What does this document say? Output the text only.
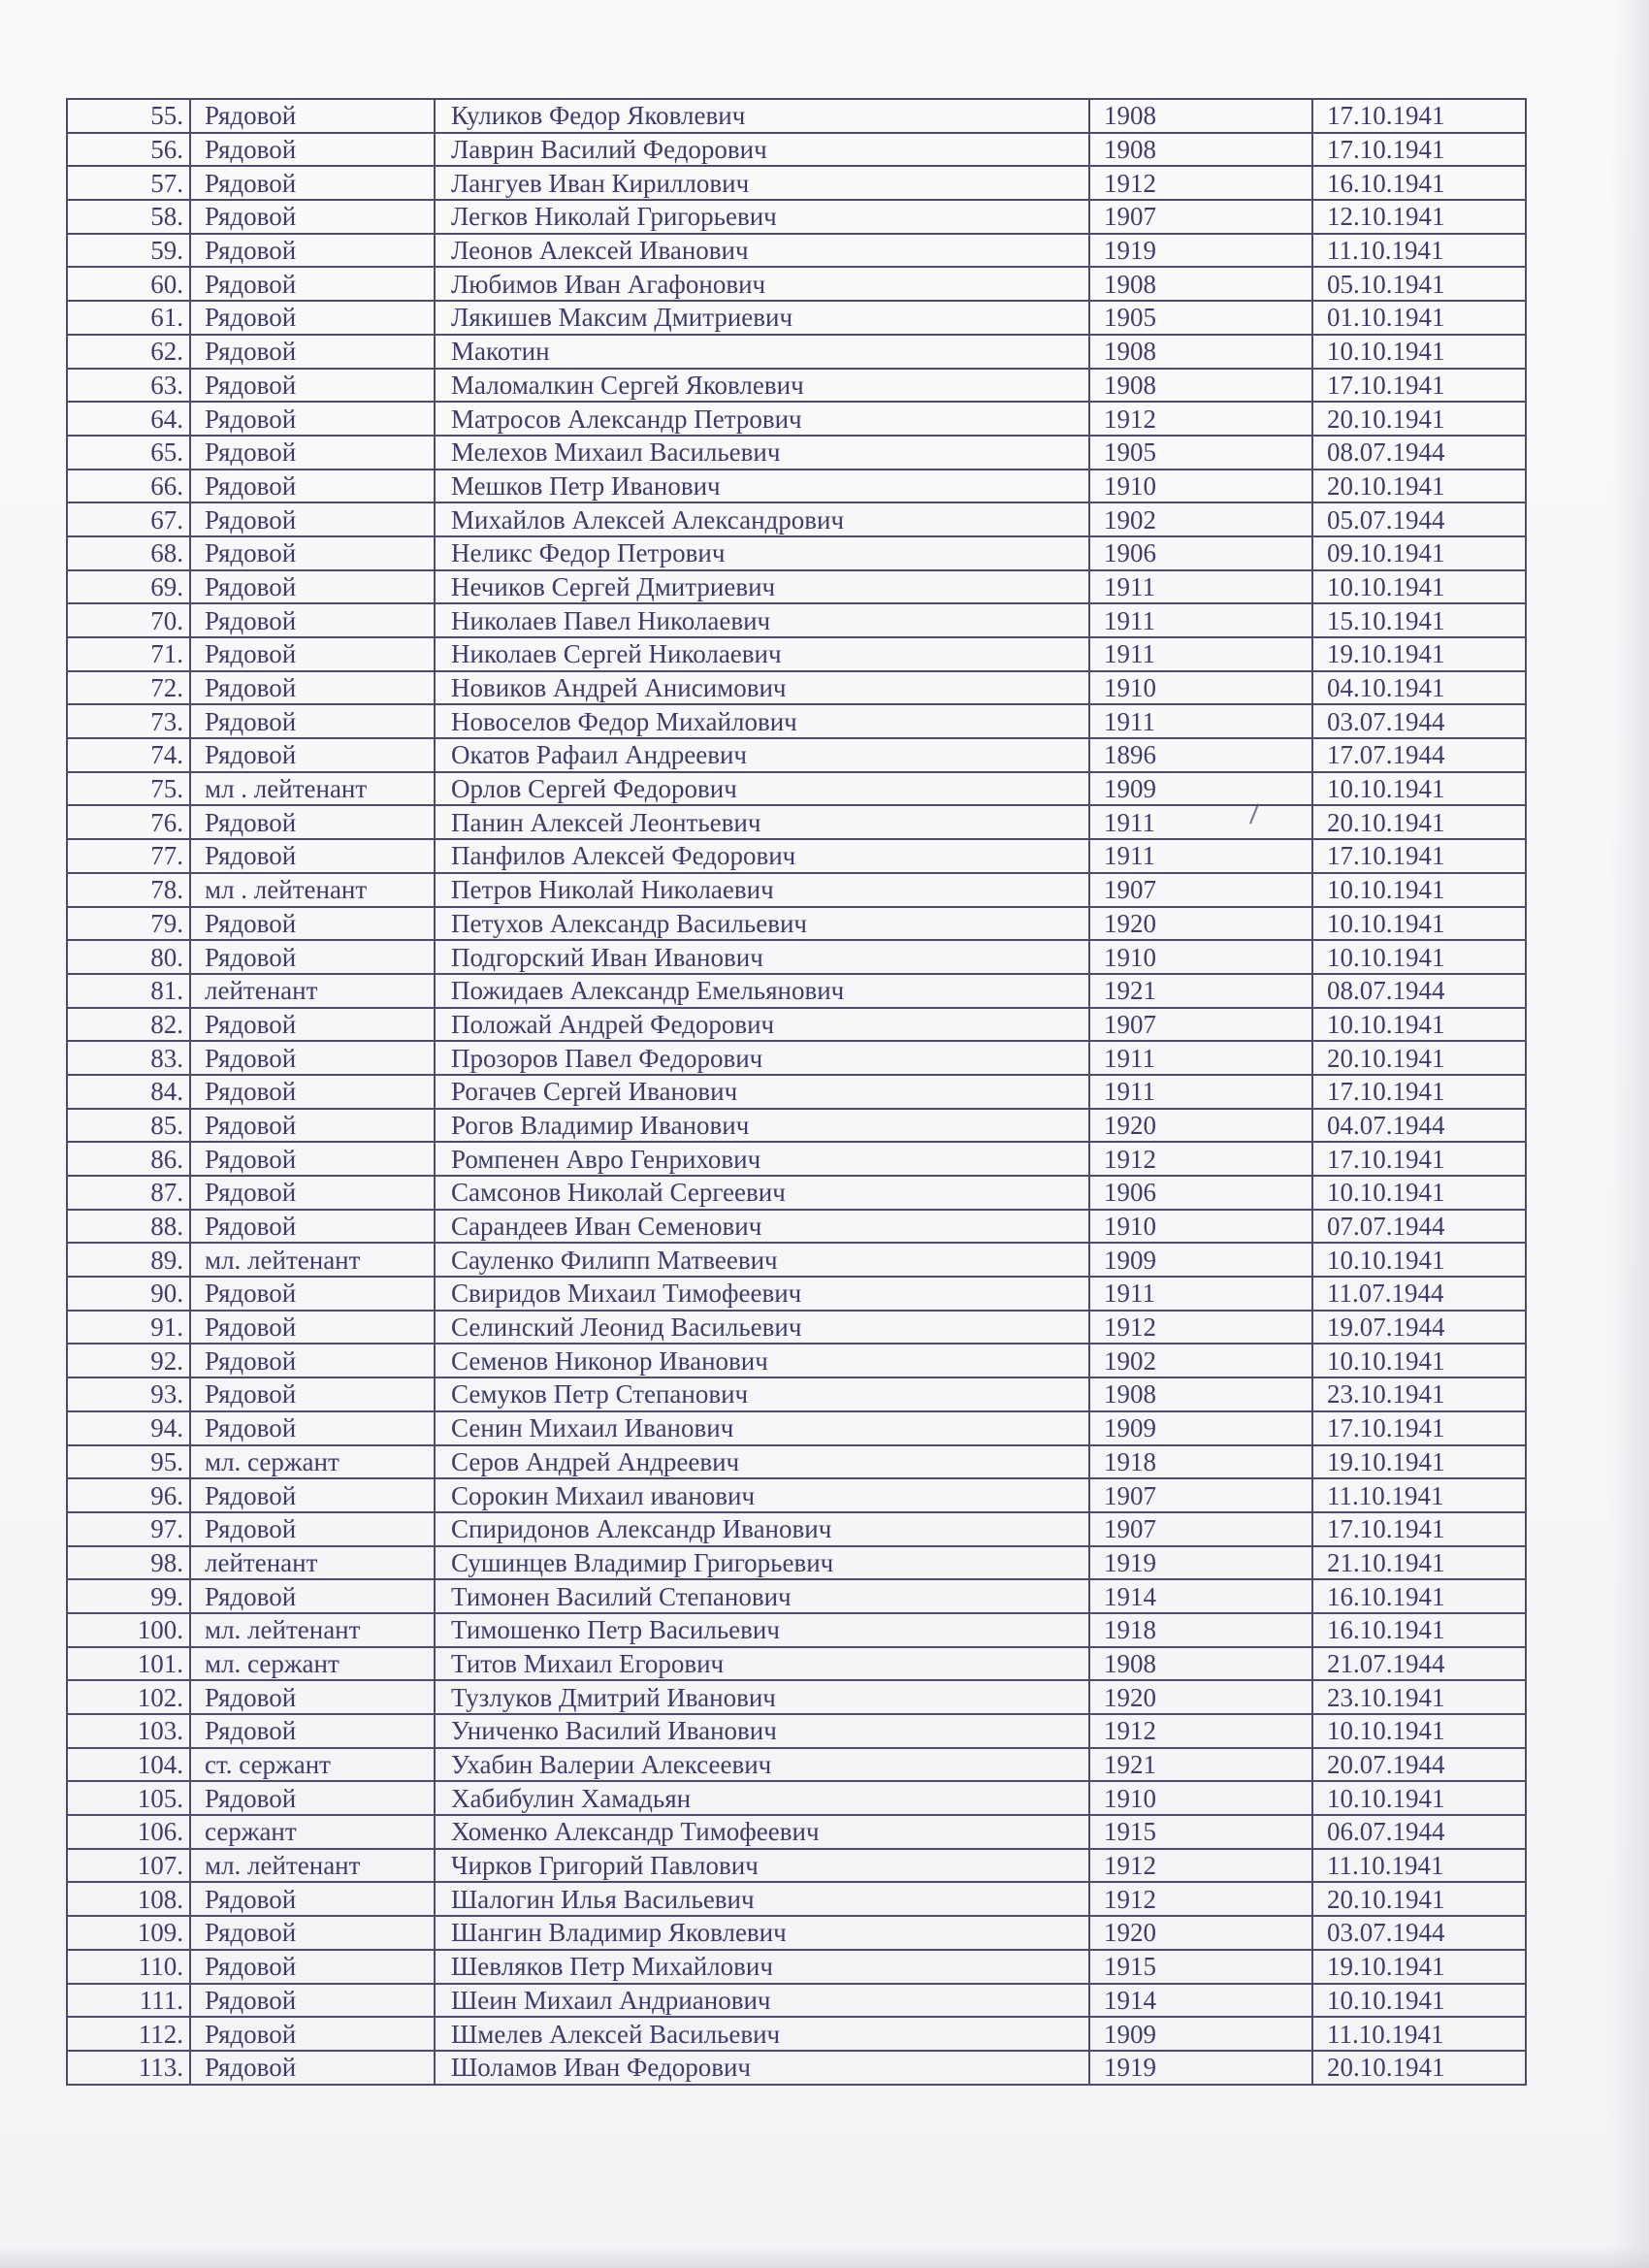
55.	Рядовой	Куликов Федор Яковлевич	1908	17.10.1941
56.	Рядовой	Лаврин Василий Федорович	1908	17.10.1941
57.	Рядовой	Лангуев Иван Кириллович	1912	16.10.1941
58.	Рядовой	Легков Николай Григорьевич	1907	12.10.1941
59.	Рядовой	Леонов Алексей Иванович	1919	11.10.1941
60.	Рядовой	Любимов Иван Агафонович	1908	05.10.1941
61.	Рядовой	Лякишев Максим Дмитриевич	1905	01.10.1941
62.	Рядовой	Макотин	1908	10.10.1941
63.	Рядовой	Маломалкин Сергей Яковлевич	1908	17.10.1941
64.	Рядовой	Матросов Александр Петрович	1912	20.10.1941
65.	Рядовой	Мелехов Михаил Васильевич	1905	08.07.1944
66.	Рядовой	Мешков Петр Иванович	1910	20.10.1941
67.	Рядовой	Михайлов Алексей Александрович	1902	05.07.1944
68.	Рядовой	Неликс Федор Петрович	1906	09.10.1941
69.	Рядовой	Нечиков Сергей Дмитриевич	1911	10.10.1941
70.	Рядовой	Николаев Павел Николаевич	1911	15.10.1941
71.	Рядовой	Николаев Сергей Николаевич	1911	19.10.1941
72.	Рядовой	Новиков Андрей Анисимович	1910	04.10.1941
73.	Рядовой	Новоселов Федор Михайлович	1911	03.07.1944
74.	Рядовой	Окатов Рафаил Андреевич	1896	17.07.1944
75.	мл . лейтенант	Орлов Сергей Федорович	1909	10.10.1941
76.	Рядовой	Панин Алексей Леонтьевич	1911	20.10.1941
77.	Рядовой	Панфилов Алексей Федорович	1911	17.10.1941
78.	мл . лейтенант	Петров Николай Николаевич	1907	10.10.1941
79.	Рядовой	Петухов Александр Васильевич	1920	10.10.1941
80.	Рядовой	Подгорский Иван Иванович	1910	10.10.1941
81.	лейтенант	Пожидаев Александр Емельянович	1921	08.07.1944
82.	Рядовой	Положай Андрей Федорович	1907	10.10.1941
83.	Рядовой	Прозоров Павел Федорович	1911	20.10.1941
84.	Рядовой	Рогачев Сергей Иванович	1911	17.10.1941
85.	Рядовой	Рогов Владимир Иванович	1920	04.07.1944
86.	Рядовой	Ромпенен Авро Генрихович	1912	17.10.1941
87.	Рядовой	Самсонов Николай Сергеевич	1906	10.10.1941
88.	Рядовой	Сарандеев Иван Семенович	1910	07.07.1944
89.	мл. лейтенант	Сауленко Филипп Матвеевич	1909	10.10.1941
90.	Рядовой	Свиридов Михаил Тимофеевич	1911	11.07.1944
91.	Рядовой	Селинский Леонид Васильевич	1912	19.07.1944
92.	Рядовой	Семенов Никонор Иванович	1902	10.10.1941
93.	Рядовой	Семуков Петр Степанович	1908	23.10.1941
94.	Рядовой	Сенин Михаил Иванович	1909	17.10.1941
95.	мл. сержант	Серов Андрей Андреевич	1918	19.10.1941
96.	Рядовой	Сорокин Михаил иванович	1907	11.10.1941
97.	Рядовой	Спиридонов Александр Иванович	1907	17.10.1941
98.	лейтенант	Сушинцев Владимир Григорьевич	1919	21.10.1941
99.	Рядовой	Тимонен Василий Степанович	1914	16.10.1941
100.	мл. лейтенант	Тимошенко Петр Васильевич	1918	16.10.1941
101.	мл. сержант	Титов Михаил Егорович	1908	21.07.1944
102.	Рядовой	Тузлуков Дмитрий Иванович	1920	23.10.1941
103.	Рядовой	Униченко Василий Иванович	1912	10.10.1941
104.	ст. сержант	Ухабин Валерии Алексеевич	1921	20.07.1944
105.	Рядовой	Хабибулин Хамадьян	1910	10.10.1941
106.	сержант	Хоменко Александр Тимофеевич	1915	06.07.1944
107.	мл. лейтенант	Чирков Григорий Павлович	1912	11.10.1941
108.	Рядовой	Шалогин Илья Васильевич	1912	20.10.1941
109.	Рядовой	Шангин Владимир Яковлевич	1920	03.07.1944
110.	Рядовой	Шевляков Петр Михайлович	1915	19.10.1941
111.	Рядовой	Шеин Михаил Андрианович	1914	10.10.1941
112.	Рядовой	Шмелев Алексей Васильевич	1909	11.10.1941
113.	Рядовой	Шоламов Иван Федорович	1919	20.10.1941
